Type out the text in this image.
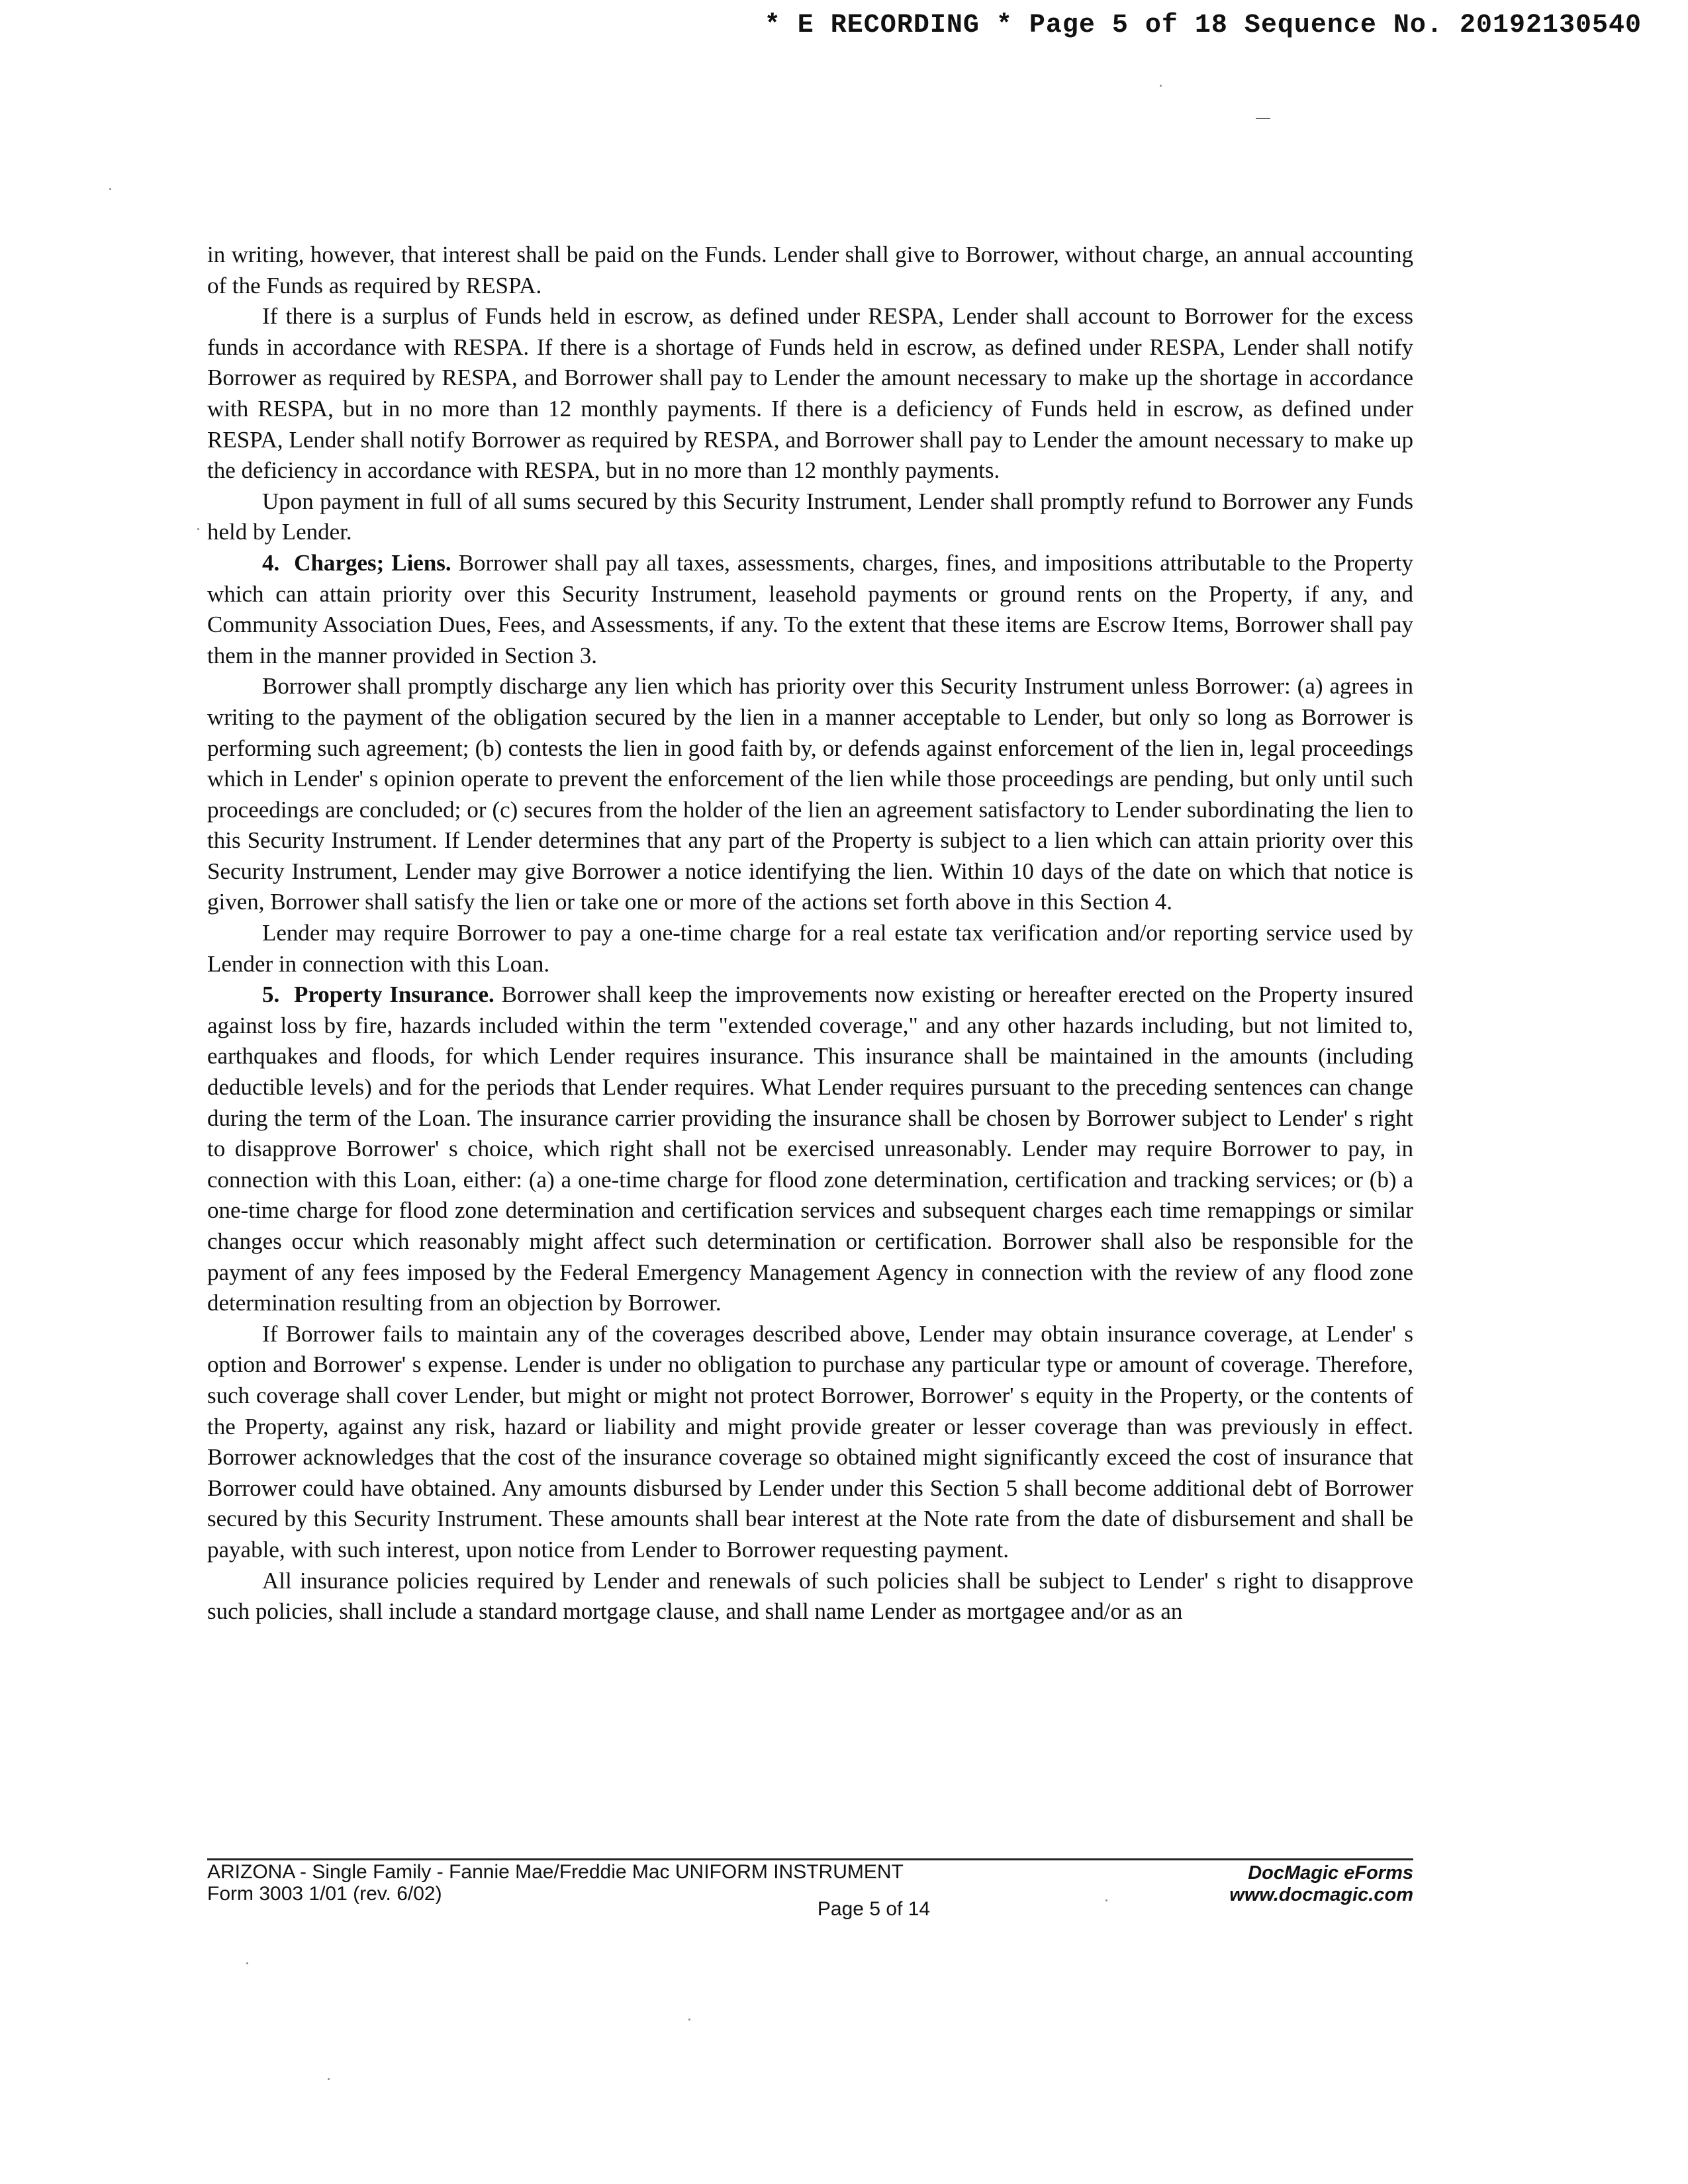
* E RECORDING * Page 5 of 18 Sequence No. 20192130540

in writing, however, that interest shall be paid on the Funds. Lender shall give to Borrower, without charge, an annual accounting of the Funds as required by RESPA.

If there is a surplus of Funds held in escrow, as defined under RESPA, Lender shall account to Borrower for the excess funds in accordance with RESPA. If there is a shortage of Funds held in escrow, as defined under RESPA, Lender shall notify Borrower as required by RESPA, and Borrower shall pay to Lender the amount necessary to make up the shortage in accordance with RESPA, but in no more than 12 monthly payments. If there is a deficiency of Funds held in escrow, as defined under RESPA, Lender shall notify Borrower as required by RESPA, and Borrower shall pay to Lender the amount necessary to make up the deficiency in accordance with RESPA, but in no more than 12 monthly payments.

Upon payment in full of all sums secured by this Security Instrument, Lender shall promptly refund to Borrower any Funds held by Lender.

4. Charges; Liens. Borrower shall pay all taxes, assessments, charges, fines, and impositions attributable to the Property which can attain priority over this Security Instrument, leasehold payments or ground rents on the Property, if any, and Community Association Dues, Fees, and Assessments, if any. To the extent that these items are Escrow Items, Borrower shall pay them in the manner provided in Section 3.

Borrower shall promptly discharge any lien which has priority over this Security Instrument unless Borrower: (a) agrees in writing to the payment of the obligation secured by the lien in a manner acceptable to Lender, but only so long as Borrower is performing such agreement; (b) contests the lien in good faith by, or defends against enforcement of the lien in, legal proceedings which in Lender' s opinion operate to prevent the enforcement of the lien while those proceedings are pending, but only until such proceedings are concluded; or (c) secures from the holder of the lien an agreement satisfactory to Lender subordinating the lien to this Security Instrument. If Lender determines that any part of the Property is subject to a lien which can attain priority over this Security Instrument, Lender may give Borrower a notice identifying the lien. Within 10 days of the date on which that notice is given, Borrower shall satisfy the lien or take one or more of the actions set forth above in this Section 4.

Lender may require Borrower to pay a one-time charge for a real estate tax verification and/or reporting service used by Lender in connection with this Loan.

5. Property Insurance. Borrower shall keep the improvements now existing or hereafter erected on the Property insured against loss by fire, hazards included within the term "extended coverage," and any other hazards including, but not limited to, earthquakes and floods, for which Lender requires insurance. This insurance shall be maintained in the amounts (including deductible levels) and for the periods that Lender requires. What Lender requires pursuant to the preceding sentences can change during the term of the Loan. The insurance carrier providing the insurance shall be chosen by Borrower subject to Lender' s right to disapprove Borrower' s choice, which right shall not be exercised unreasonably. Lender may require Borrower to pay, in connection with this Loan, either: (a) a one-time charge for flood zone determination, certification and tracking services; or (b) a one-time charge for flood zone determination and certification services and subsequent charges each time remappings or similar changes occur which reasonably might affect such determination or certification. Borrower shall also be responsible for the payment of any fees imposed by the Federal Emergency Management Agency in connection with the review of any flood zone determination resulting from an objection by Borrower.

If Borrower fails to maintain any of the coverages described above, Lender may obtain insurance coverage, at Lender' s option and Borrower' s expense. Lender is under no obligation to purchase any particular type or amount of coverage. Therefore, such coverage shall cover Lender, but might or might not protect Borrower, Borrower' s equity in the Property, or the contents of the Property, against any risk, hazard or liability and might provide greater or lesser coverage than was previously in effect. Borrower acknowledges that the cost of the insurance coverage so obtained might significantly exceed the cost of insurance that Borrower could have obtained. Any amounts disbursed by Lender under this Section 5 shall become additional debt of Borrower secured by this Security Instrument. These amounts shall bear interest at the Note rate from the date of disbursement and shall be payable, with such interest, upon notice from Lender to Borrower requesting payment.

All insurance policies required by Lender and renewals of such policies shall be subject to Lender' s right to disapprove such policies, shall include a standard mortgage clause, and shall name Lender as mortgagee and/or as an

ARIZONA - Single Family - Fannie Mae/Freddie Mac UNIFORM INSTRUMENT
Form 3003 1/01 (rev. 6/02)
DocMagic eForms
www.docmagic.com
Page 5 of 14
